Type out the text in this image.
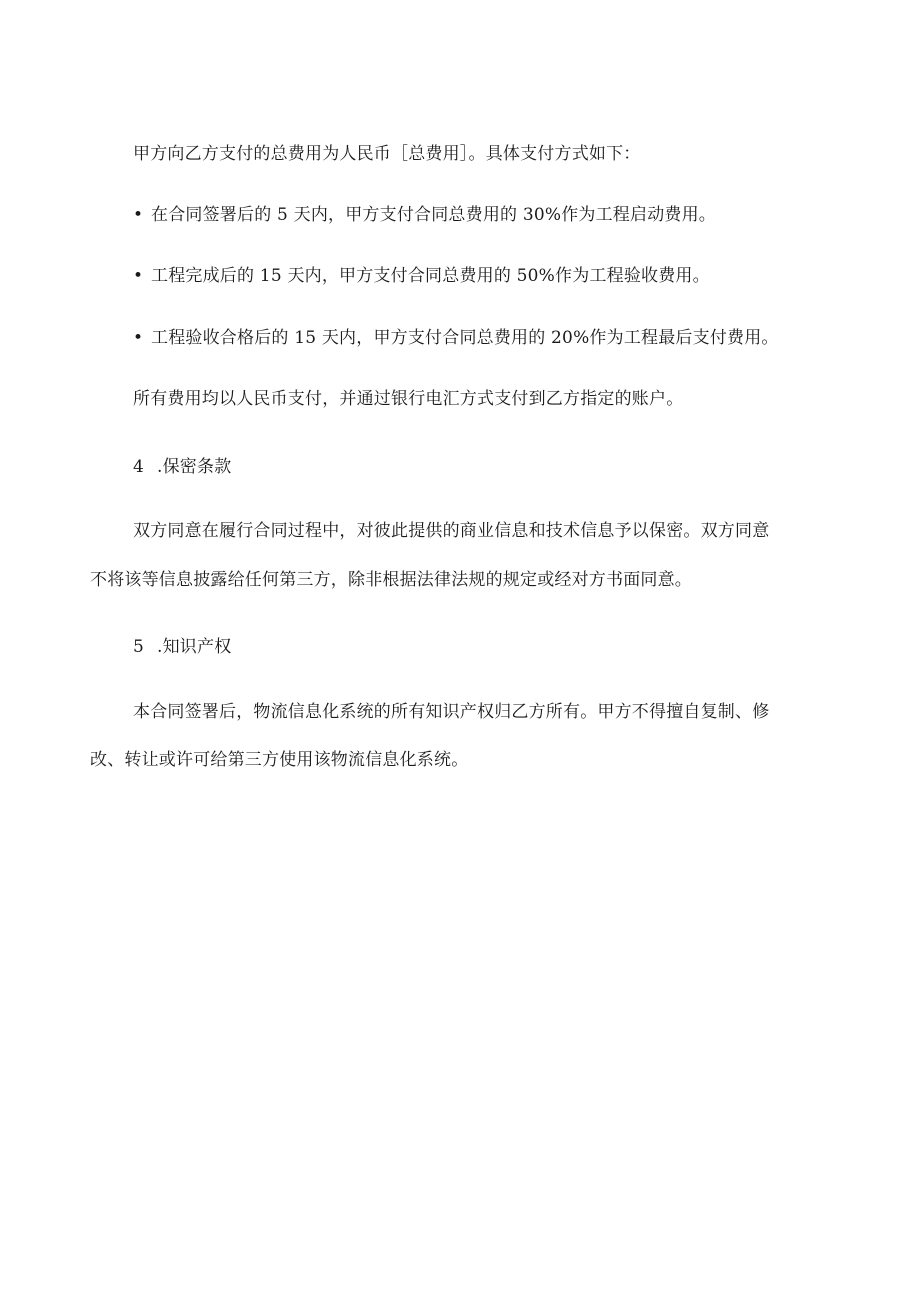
甲方向乙方支付的总费用为人民币［总费用］。具体支付方式如下：
• 在合同签署后的 5 天内，甲方支付合同总费用的 30%作为工程启动费用。
• 工程完成后的 15 天内，甲方支付合同总费用的 50%作为工程验收费用。
• 工程验收合格后的 15 天内，甲方支付合同总费用的 20%作为工程最后支付费用。
所有费用均以人民币支付，并通过银行电汇方式支付到乙方指定的账户。
4 .保密条款
双方同意在履行合同过程中，对彼此提供的商业信息和技术信息予以保密。双方同意
不将该等信息披露给任何第三方，除非根据法律法规的规定或经对方书面同意。
5 .知识产权
本合同签署后，物流信息化系统的所有知识产权归乙方所有。甲方不得擅自复制、修
改、转让或许可给第三方使用该物流信息化系统。
